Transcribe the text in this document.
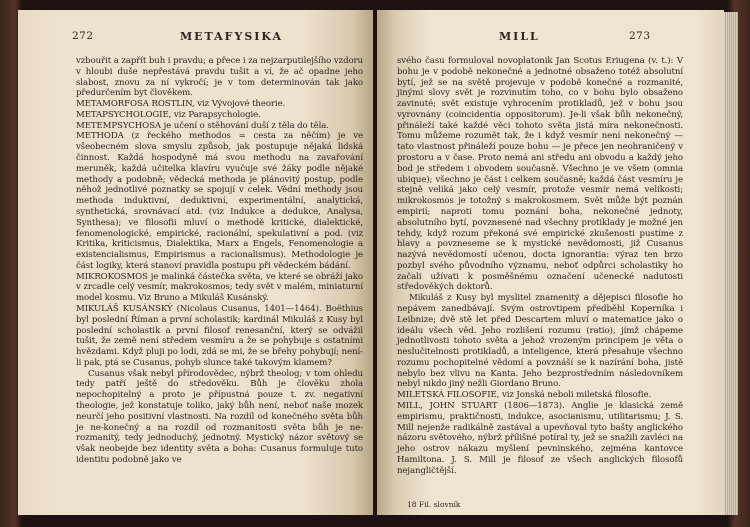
272	METAFYSIKA

vzbouřit a zapřít buh i pravdu; a přece i za nejzarputilejšího vzdoru v hloubi duše nepřestává pravdu tušit a ví, že ač opadne jeho slabost, znovu za ní vykročí; je v tom determinován tak jako předurčením byt člověkem.

METAMORFOSA ROSTLIN, viz Vývojové theorie.

METAPSYCHOLOGIE, viz Parapsychologie.

METEMPSYCHOSA je učení o stěhování duší z těla do těla.

METHODA (z řeckého methodos = cesta za něčím) je ve všeobecném slova smyslu způsob, jak postupuje nějaká lidská činnost. Každá hospodyně má svou methodu na zavařování meruněk, každá učitelka klavíru vyučuje své žáky podle nějaké methody a podobně; vědecká methoda je plánovitý postup, podle něhož jednotlivé poznatky se spojují v celek. Vědní methody jsou methoda induktivní, deduktivní, experimentální, analytická, synthetická, srovnávací atd. (viz Indukce a dedukce, Analysa, Synthesa); ve filosofii mluví o methodě kritické, dialektické, fenomenologické, empirické, racionální, spekulativní a pod. (viz Kritika, kriticismus, Dialektika, Marx a Engels, Fenomenologie a existencialismus, Empirismus a racionalismus). Methodologie je část logiky, která stanoví pravidla postupu při vědeckém bádání.

MIKROKOSMOS je malinká částečka světa, ve které se obráží jako v zrcadle celý vesmír, makrokosmos; tedy svět v malém, miniaturní model kosmu. Viz Bruno a Mikuláš Kusánský.

MIKULÁŠ KUSÁNSKÝ (Nicolaus Cusanus, 1401—1464). Boëthius byl poslední Říman a první scholastik; kardinál Mikuláš z Kusy byl poslední scholastik a první filosof renesanční, který se odvážil tušit, že země není středem vesmíru a že se pohybuje s ostatními hvězdami. Když pluji po lodi, zdá se mi, že se břehy pohybují; není-li pak, ptá se Cusanus, pohyb slunce také takovým klamem?

Cusanus však nebyl přírodovědec, nýbrž theolog; v tom ohledu tedy patří ještě do středověku. Bůh je člověku zhola nepochopitelný a proto je přípustná pouze t. zv. negativní theologie, jež konstatuje toliko, jaký bůh není, neboť naše mozek neurčí jeho positivní vlastnosti. Na rozdíl od konečného světa bůh je ne-konečný a na rozdíl od rozmanitosti světa bůh je ne-rozmanitý, tedy jednoduchý, jednotný. Mystický názor světový se však neobejde bez identity světa a boha: Cusanus formuluje tuto identitu podobně jako ve

MILL	273

svého času formuloval novoplatonik Jan Scotus Eriugena (v. t.): V bohu je v podobě nekonečné a jednotné obsaženo totéž absolutní bytí, jež se na světě projevuje v podobě konečné a rozmanité, jinými slovy svět je rozvinutím toho, co v bohu bylo obsaženo zavinuté; svět existuje vyhrocením protikladů, jež v bohu jsou vyrovnány (coincidentia oppositorum). Je-li však bůh nekonečný, přináleží také každé věci tohoto světa jistá míra nekonečnosti. Tomu můžeme rozumět tak, že i když vesmír není nekonečný — tato vlastnost přináleží pouze bohu — je přece jen neohraničený v prostoru a v čase. Proto nemá ani středu ani obvodu a každý jeho bod je středem i obvodem současně. Všechno je ve všem (omnia ubique); všechno je část i celkem současně; každá část vesmíru je stejně veliká jako celý vesmír, protože vesmír nemá velikosti; mikrokosmos je totožný s makrokosmem. Svět může být poznán empirií; naproti tomu poznání boha, nekonečné jednoty, absolutního bytí, povznesené nad všechny protiklady je možné jen tehdy, když rozum překoná své empirické zkušenosti pustíme z hlavy a povzneseme se k mystické nevědomosti, již Cusanus nazývá nevědomostí učenou, docta ignorantia: výraz ten brzo pozbyl svého původního významu, neboť odpůrci scholastiky ho začali užívati k posměšnému označení učenecké nadutosti středověkých doktorů.

Mikuláš z Kusy byl myslitel znamenitý a dějepisci filosofie ho nepávem zanedbávají. Svým ostrovtipem předběhl Koperníka i Leibnize; dvě stě let před Descartem mluví o matematice jako o ideálu všech věd. Jeho rozlišení rozumu (ratio), jímž chápeme jednotlivosti tohoto světa a jehož vrozeným principem je věta o neslučitelnosti protikladů, a inteligence, která přesahuje všechno rozumu pochopitelné vědomí a povznáší se k nazírání boha, jistě nebylo bez vlivu na Kanta. Jeho bezprostředním následovníkem nebyl nikdo jiný nežli Giordano Bruno.

MILETSKÁ FILOSOFIE, viz Jonská neboli miletská filosofie.

MILL, JOHN STUART (1806—1873). Anglie je klasická země empirismu, praktičnosti, indukce, asocianismu, utilitarismu; J. S. Mill nejenže radikálně zastával a upevňoval tyto bašty anglického názoru světového, nýbrž přílišné potíral ty, jež se snažili zavléci na jeho ostrov nákazu myšlení pevninského, zejména kantovce Hamiltona. J. S. Mill je filosof ze všech anglických filosofů nejangličtější.

18 Fil. slovník
